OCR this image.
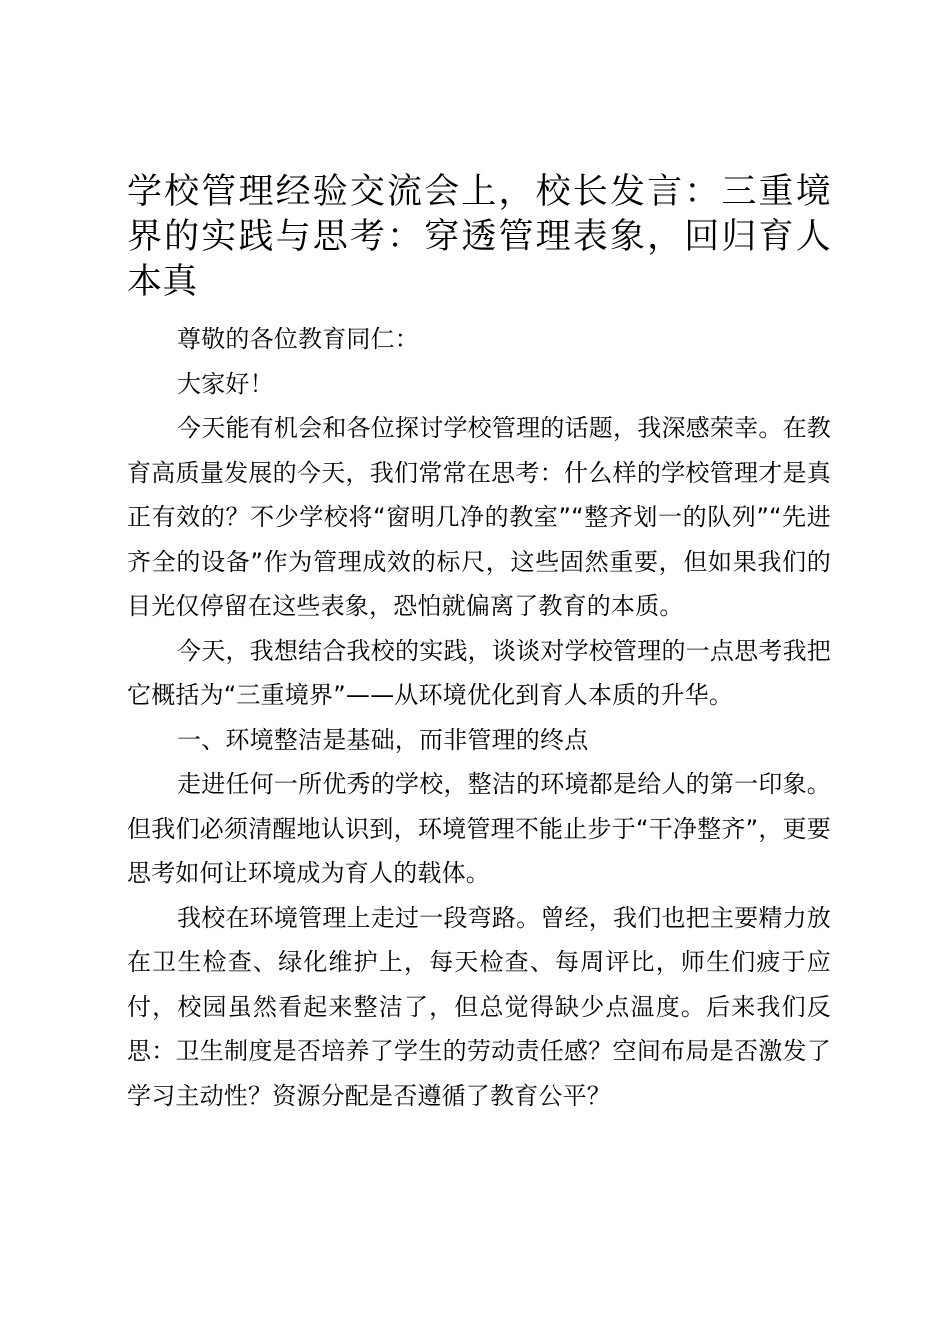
学校管理经验交流会上，校长发言：三重境界的实践与思考：穿透管理表象，回归育人本真

尊敬的各位教育同仁：

大家好！

今天能有机会和各位探讨学校管理的话题，我深感荣幸。在教育高质量发展的今天，我们常常在思考：什么样的学校管理才是真正有效的？不少学校将“窗明几净的教室”“整齐划一的队列”“先进齐全的设备”作为管理成效的标尺，这些固然重要，但如果我们的目光仅停留在这些表象，恐怕就偏离了教育的本质。

今天，我想结合我校的实践，谈谈对学校管理的一点思考我把它概括为“三重境界”——从环境优化到育人本质的升华。

一、环境整洁是基础，而非管理的终点

走进任何一所优秀的学校，整洁的环境都是给人的第一印象。但我们必须清醒地认识到，环境管理不能止步于“干净整齐”，更要思考如何让环境成为育人的载体。

我校在环境管理上走过一段弯路。曾经，我们也把主要精力放在卫生检查、绿化维护上，每天检查、每周评比，师生们疲于应付，校园虽然看起来整洁了，但总觉得缺少点温度。后来我们反思：卫生制度是否培养了学生的劳动责任感？空间布局是否激发了学习主动性？资源分配是否遵循了教育公平？
